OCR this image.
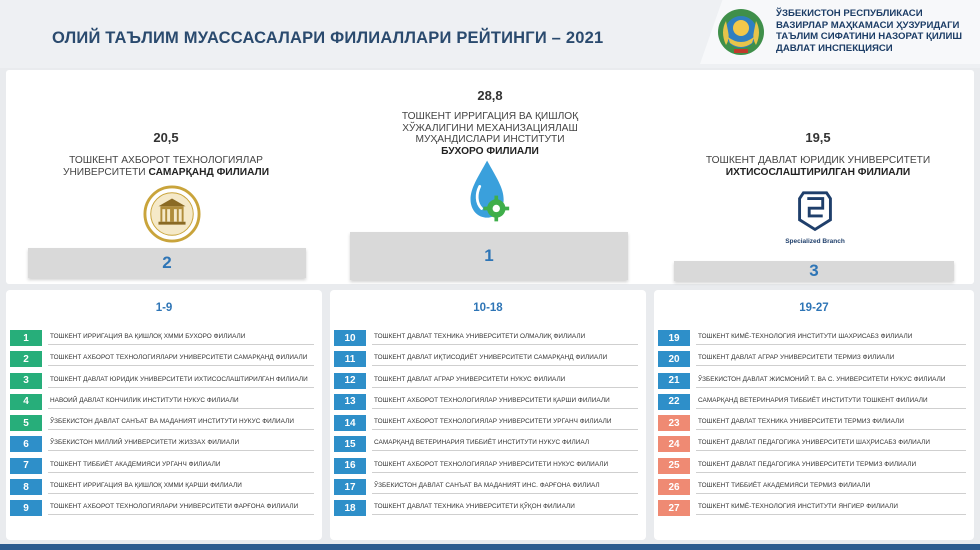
ОЛИЙ ТАЪЛИМ МУАССАСАЛАРИ ФИЛИАЛЛАРИ РЕЙТИНГИ – 2021
ЎЗБЕКИСТОН РЕСПУБЛИКАСИ
ВАЗИРЛАР МАҲКАМАСИ ҲУЗУРИДАГИ
ТАЪЛИМ СИФАТИНИ НАЗОРАТ ҚИЛИШ
ДАВЛАТ ИНСПЕКЦИЯСИ
20,5
ТОШКЕНТ АХБОРОТ ТЕХНОЛОГИЯЛАР
УНИВЕРСИТЕТИ САМАРҚАНД ФИЛИАЛИ
2
28,8
ТОШКЕНТ ИРРИГАЦИЯ ВА ҚИШЛОҚ
ХЎЖАЛИГИНИ МЕХАНИЗАЦИЯЛАШ
МУҲАНДИСЛАРИ ИНСТИТУТИ
БУХОРО ФИЛИАЛИ
1
19,5
ТОШКЕНТ ДАВЛАТ ЮРИДИК УНИВЕРСИТЕТИ
ИХТИСОСЛАШТИРИЛГАН ФИЛИАЛИ
Specialized Branch
3
1-9
1	ТОШКЕНТ ИРРИГАЦИЯ ВА ҚИШЛОҚ ХММИ БУХОРО ФИЛИАЛИ
2	ТОШКЕНТ АХБОРОТ ТЕХНОЛОГИЯЛАРИ УНИВЕРСИТЕТИ САМАРҚАНД ФИЛИАЛИ
3	ТОШКЕНТ ДАВЛАТ ЮРИДИК УНИВЕРСИТЕТИ ИХТИСОСЛАШТИРИЛГАН ФИЛИАЛИ
4	НАВОИЙ ДАВЛАТ КОНЧИЛИК ИНСТИТУТИ НУКУС ФИЛИАЛИ
5	ЎЗБЕКИСТОН ДАВЛАТ САНЪАТ ВА МАДАНИЯТ ИНСТИТУТИ НУКУС ФИЛИАЛИ
6	ЎЗБЕКИСТОН МИЛЛИЙ УНИВЕРСИТЕТИ ЖИЗЗАХ ФИЛИАЛИ
7	ТОШКЕНТ ТИББИЁТ АКАДЕМИЯСИ УРГАНЧ ФИЛИАЛИ
8	ТОШКЕНТ ИРРИГАЦИЯ ВА ҚИШЛОҚ ХММИ ҚАРШИ ФИЛИАЛИ
9	ТОШКЕНТ АХБОРОТ ТЕХНОЛОГИЯЛАРИ УНИВЕРСИТЕТИ ФАРҒОНА ФИЛИАЛИ
10-18
10	ТОШКЕНТ ДАВЛАТ ТЕХНИКА УНИВЕРСИТЕТИ ОЛМАЛИҚ ФИЛИАЛИ
11	ТОШКЕНТ ДАВЛАТ ИҚТИСОДИЁТ УНИВЕРСИТЕТИ САМАРҚАНД ФИЛИАЛИ
12	ТОШКЕНТ ДАВЛАТ АГРАР УНИВЕРСИТЕТИ НУКУС ФИЛИАЛИ
13	ТОШКЕНТ АХБОРОТ ТЕХНОЛОГИЯЛАР УНИВЕРСИТЕТИ ҚАРШИ ФИЛИАЛИ
14	ТОШКЕНТ АХБОРОТ ТЕХНОЛОГИЯЛАР УНИВЕРСИТЕТИ УРГАНЧ ФИЛИАЛИ
15	САМАРҚАНД ВЕТЕРИНАРИЯ ТИББИЁТ ИНСТИТУТИ НУКУС ФИЛИАЛ
16	ТОШКЕНТ АХБОРОТ ТЕХНОЛОГИЯЛАР УНИВЕРСИТЕТИ НУКУС ФИЛИАЛИ
17	ЎЗБЕКИСТОН ДАВЛАТ САНЪАТ ВА МАДАНИЯТ ИНС. ФАРҒОНА ФИЛИАЛ
18	ТОШКЕНТ ДАВЛАТ ТЕХНИКА УНИВЕРСИТЕТИ ҚЎҚОН ФИЛИАЛИ
19-27
19	ТОШКЕНТ КИМЁ-ТЕХНОЛОГИЯ ИНСТИТУТИ ШАХРИСАБЗ ФИЛИАЛИ
20	ТОШКЕНТ ДАВЛАТ АГРАР УНИВЕРСИТЕТИ ТЕРМИЗ ФИЛИАЛИ
21	ЎЗБЕКИСТОН ДАВЛАТ ЖИСМОНИЙ Т. ВА С. УНИВЕРСИТЕТИ НУКУС ФИЛИАЛИ
22	САМАРҚАНД ВЕТЕРИНАРИЯ ТИББИЁТ ИНСТИТУТИ ТОШКЕНТ ФИЛИАЛИ
23	ТОШКЕНТ ДАВЛАТ ТЕХНИКА УНИВЕРСИТЕТИ ТЕРМИЗ ФИЛИАЛИ
24	ТОШКЕНТ ДАВЛАТ ПЕДАГОГИКА УНИВЕРСИТЕТИ ШАҲРИСАБЗ ФИЛИАЛИ
25	ТОШКЕНТ ДАВЛАТ ПЕДАГОГИКА УНИВЕРСИТЕТИ ТЕРМИЗ ФИЛИАЛИ
26	ТОШКЕНТ ТИББИЁТ АКАДЕМИЯСИ ТЕРМИЗ ФИЛИАЛИ
27	ТОШКЕНТ КИМЁ-ТЕХНОЛОГИЯ ИНСТИТУТИ ЯНГИЕР ФИЛИАЛИ
